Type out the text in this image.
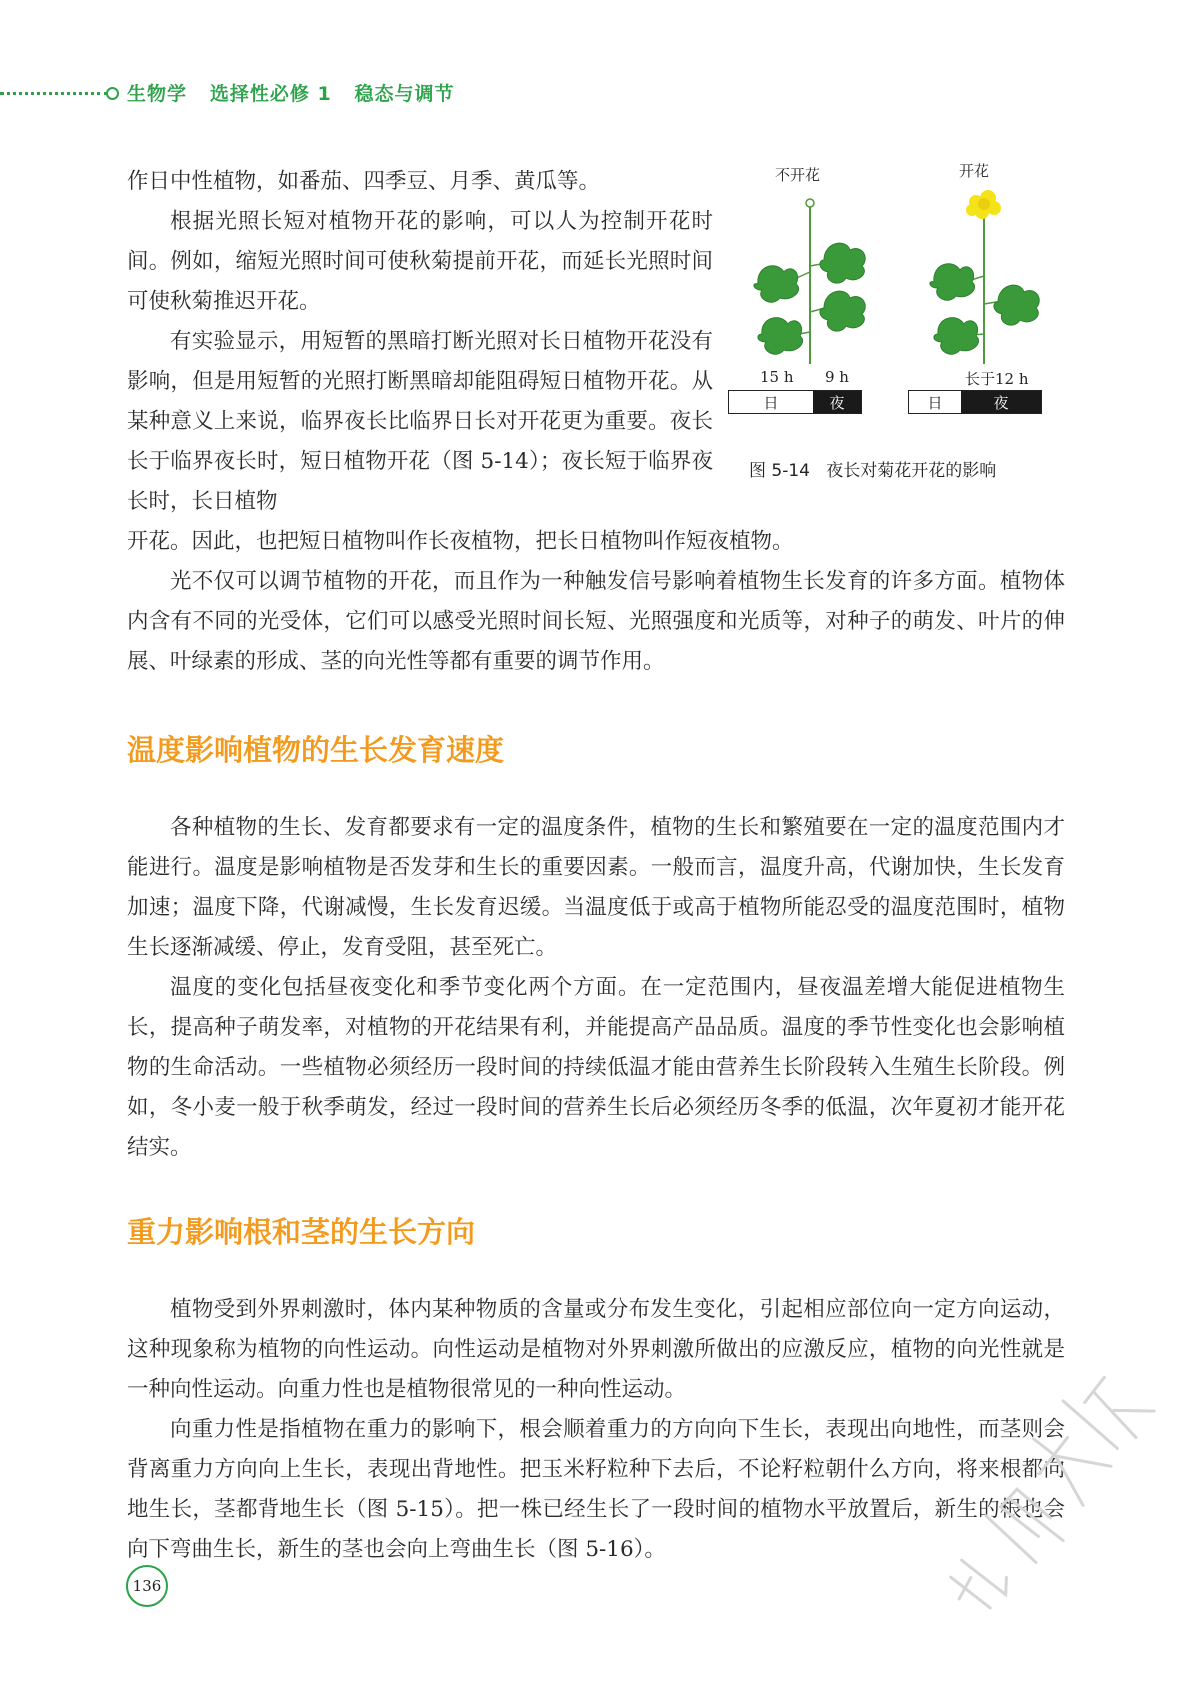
生物学   选择性必修 1   稳态与调节

作日中性植物，如番茄、四季豆、月季、黄瓜等。

根据光照长短对植物开花的影响，可以人为控制开花时间。例如，缩短光照时间可使秋菊提前开花，而延长光照时间可使秋菊推迟开花。

有实验显示，用短暂的黑暗打断光照对长日植物开花没有影响，但是用短暂的光照打断黑暗却能阻碍短日植物开花。从某种意义上来说，临界夜长比临界日长对开花更为重要。夜长长于临界夜长时，短日植物开花（图 5-14）；夜长短于临界夜长时，长日植物

不开花	开花
15 h 9 h	长于12 h
日	夜	日	夜
图 5-14   夜长对菊花开花的影响

开花。因此，也把短日植物叫作长夜植物，把长日植物叫作短夜植物。

光不仅可以调节植物的开花，而且作为一种触发信号影响着植物生长发育的许多方面。植物体内含有不同的光受体，它们可以感受光照时间长短、光照强度和光质等，对种子的萌发、叶片的伸展、叶绿素的形成、茎的向光性等都有重要的调节作用。

温度影响植物的生长发育速度

各种植物的生长、发育都要求有一定的温度条件，植物的生长和繁殖要在一定的温度范围内才能进行。温度是影响植物是否发芽和生长的重要因素。一般而言，温度升高，代谢加快，生长发育加速；温度下降，代谢减慢，生长发育迟缓。当温度低于或高于植物所能忍受的温度范围时，植物生长逐渐减缓、停止，发育受阻，甚至死亡。

温度的变化包括昼夜变化和季节变化两个方面。在一定范围内，昼夜温差增大能促进植物生长，提高种子萌发率，对植物的开花结果有利，并能提高产品品质。温度的季节性变化也会影响植物的生命活动。一些植物必须经历一段时间的持续低温才能由营养生长阶段转入生殖生长阶段。例如，冬小麦一般于秋季萌发，经过一段时间的营养生长后必须经历冬季的低温，次年夏初才能开花结实。

重力影响根和茎的生长方向

植物受到外界刺激时，体内某种物质的含量或分布发生变化，引起相应部位向一定方向运动，这种现象称为植物的向性运动。向性运动是植物对外界刺激所做出的应激反应，植物的向光性就是一种向性运动。向重力性也是植物很常见的一种向性运动。

向重力性是指植物在重力的影响下，根会顺着重力的方向向下生长，表现出向地性，而茎则会背离重力方向向上生长，表现出背地性。把玉米籽粒种下去后，不论籽粒朝什么方向，将来根都向地生长，茎都背地生长（图 5-15）。把一株已经生长了一段时间的植物水平放置后，新生的根也会向下弯曲生长，新生的茎也会向上弯曲生长（图 5-16）。

136
